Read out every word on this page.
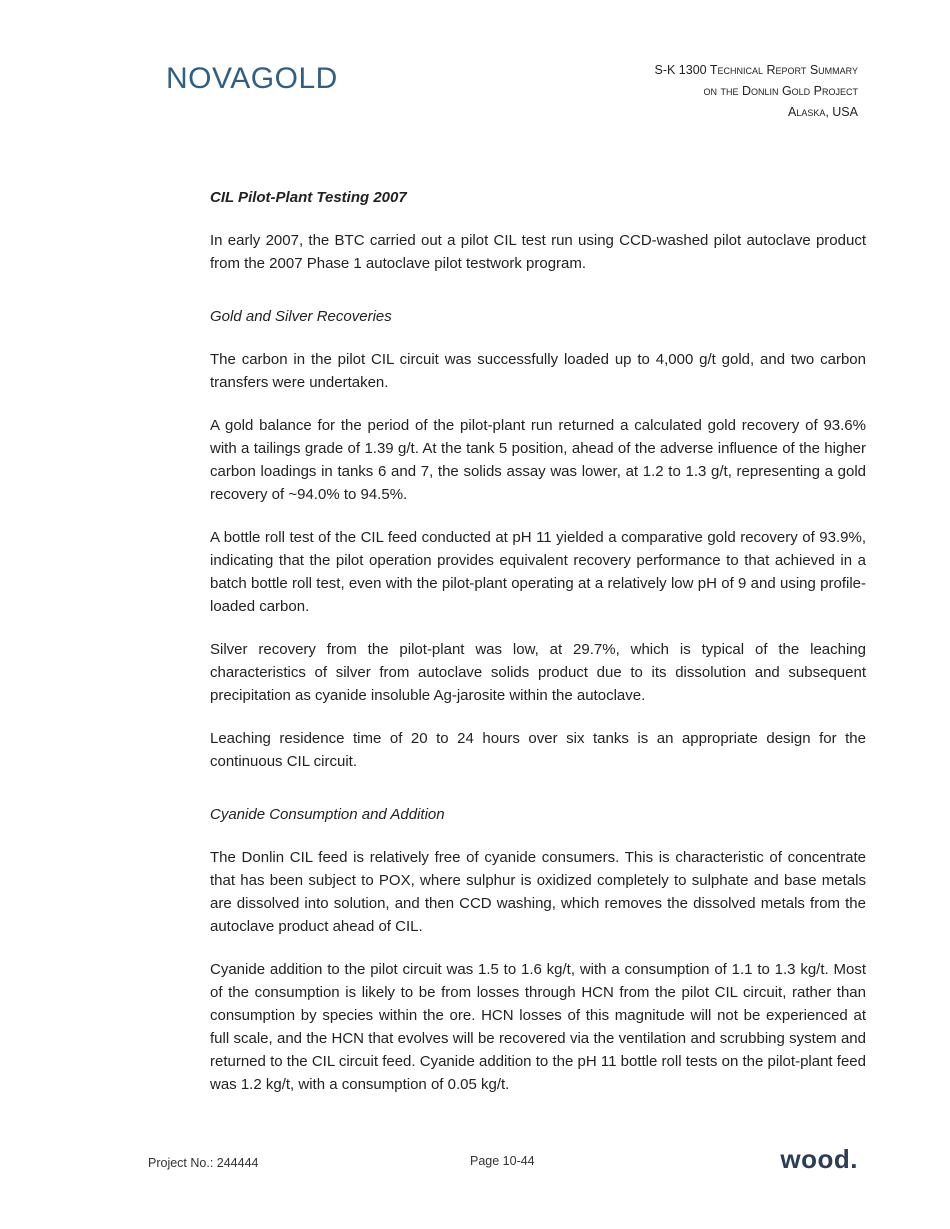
NOVAGOLD	S-K 1300 Technical Report Summary
on the Donlin Gold Project
Alaska, USA
CIL Pilot-Plant Testing 2007

In early 2007, the BTC carried out a pilot CIL test run using CCD-washed pilot autoclave product from the 2007 Phase 1 autoclave pilot testwork program.

Gold and Silver Recoveries

The carbon in the pilot CIL circuit was successfully loaded up to 4,000 g/t gold, and two carbon transfers were undertaken.

A gold balance for the period of the pilot-plant run returned a calculated gold recovery of 93.6% with a tailings grade of 1.39 g/t. At the tank 5 position, ahead of the adverse influence of the higher carbon loadings in tanks 6 and 7, the solids assay was lower, at 1.2 to 1.3 g/t, representing a gold recovery of ~94.0% to 94.5%.

A bottle roll test of the CIL feed conducted at pH 11 yielded a comparative gold recovery of 93.9%, indicating that the pilot operation provides equivalent recovery performance to that achieved in a batch bottle roll test, even with the pilot-plant operating at a relatively low pH of 9 and using profile-loaded carbon.

Silver recovery from the pilot-plant was low, at 29.7%, which is typical of the leaching characteristics of silver from autoclave solids product due to its dissolution and subsequent precipitation as cyanide insoluble Ag-jarosite within the autoclave.

Leaching residence time of 20 to 24 hours over six tanks is an appropriate design for the continuous CIL circuit.

Cyanide Consumption and Addition

The Donlin CIL feed is relatively free of cyanide consumers. This is characteristic of concentrate that has been subject to POX, where sulphur is oxidized completely to sulphate and base metals are dissolved into solution, and then CCD washing, which removes the dissolved metals from the autoclave product ahead of CIL.

Cyanide addition to the pilot circuit was 1.5 to 1.6 kg/t, with a consumption of 1.1 to 1.3 kg/t. Most of the consumption is likely to be from losses through HCN from the pilot CIL circuit, rather than consumption by species within the ore. HCN losses of this magnitude will not be experienced at full scale, and the HCN that evolves will be recovered via the ventilation and scrubbing system and returned to the CIL circuit feed. Cyanide addition to the pH 11 bottle roll tests on the pilot-plant feed was 1.2 kg/t, with a consumption of 0.05 kg/t.

Project No.: 244444	Page 10-44	wood.
